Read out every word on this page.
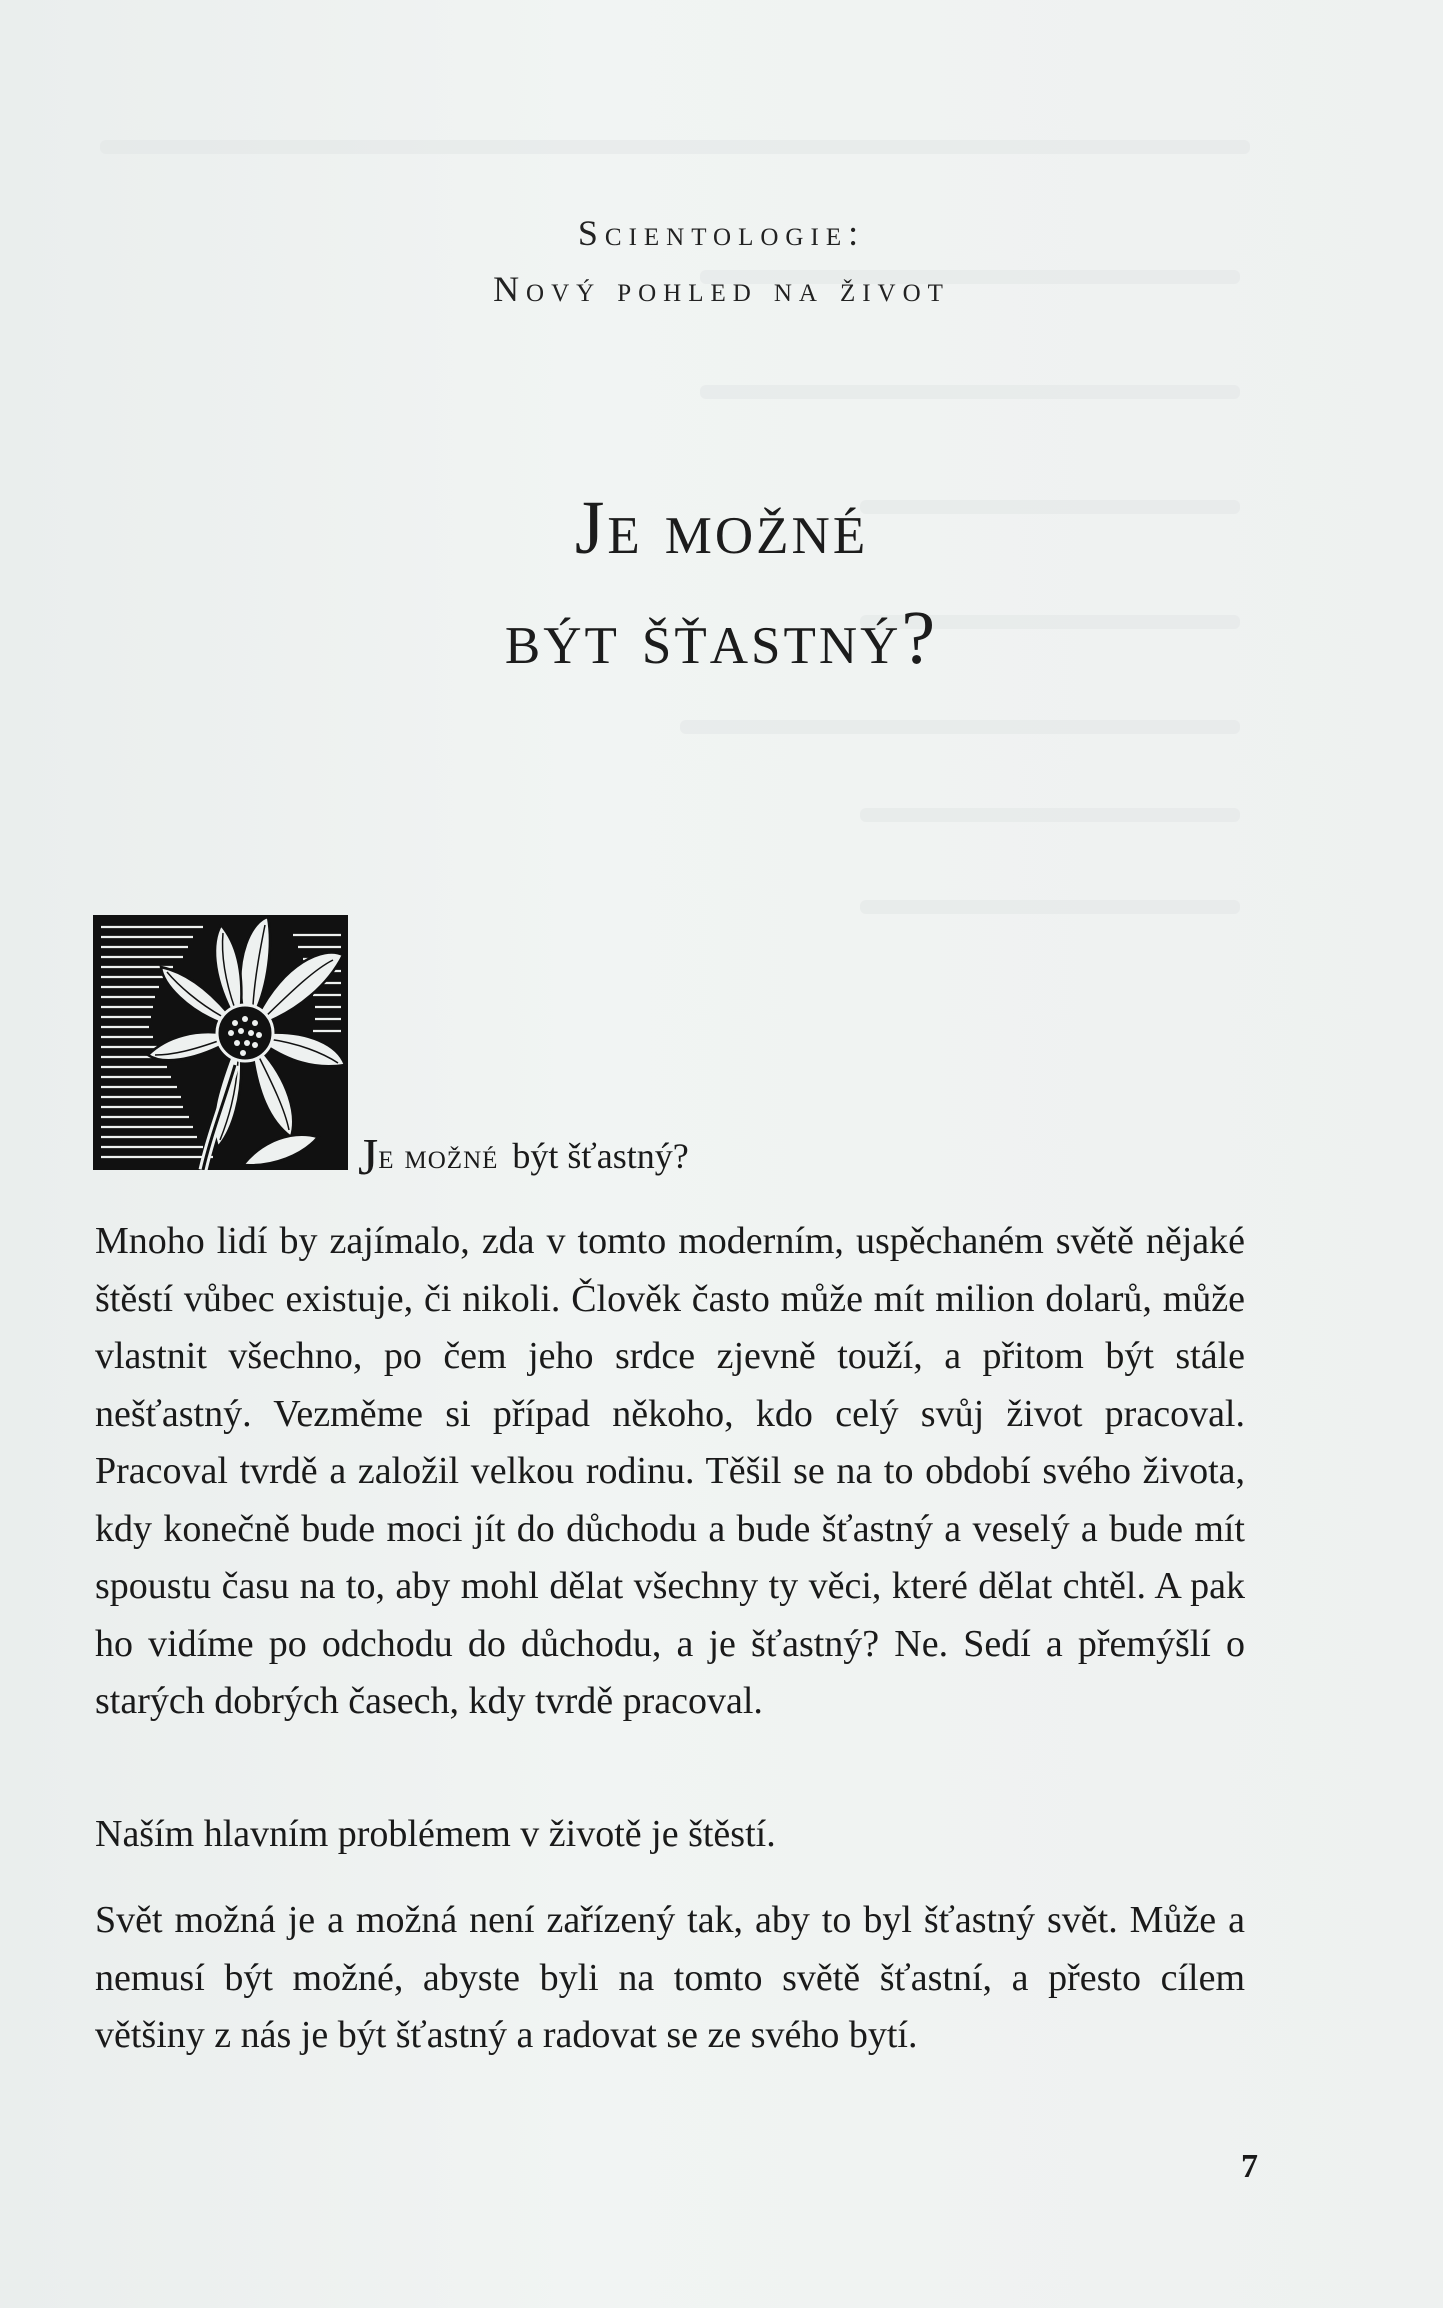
Scientologie:
Nový pohled na život
Je možné
být šťastný?
Je možné být šťastný?

Mnoho lidí by zajímalo, zda v tomto moderním, uspěchaném světě nějaké štěstí vůbec existuje, či nikoli. Člověk často může mít milion dolarů, může vlastnit všechno, po čem jeho srdce zjevně touží, a přitom být stále nešťastný. Vezměme si případ někoho, kdo celý svůj život pracoval. Pracoval tvrdě a založil velkou rodinu. Těšil se na to období svého života, kdy konečně bude moci jít do důchodu a bude šťastný a veselý a bude mít spoustu času na to, aby mohl dělat všechny ty věci, které dělat chtěl. A pak ho vidíme po odchodu do důchodu, a je šťastný? Ne. Sedí a přemýšlí o starých dobrých časech, kdy tvrdě pracoval.

Naším hlavním problémem v životě je štěstí.

Svět možná je a možná není zařízený tak, aby to byl šťastný svět. Může a nemusí být možné, abyste byli na tomto světě šťastní, a přesto cílem většiny z nás je být šťastný a radovat se ze svého bytí.

7
